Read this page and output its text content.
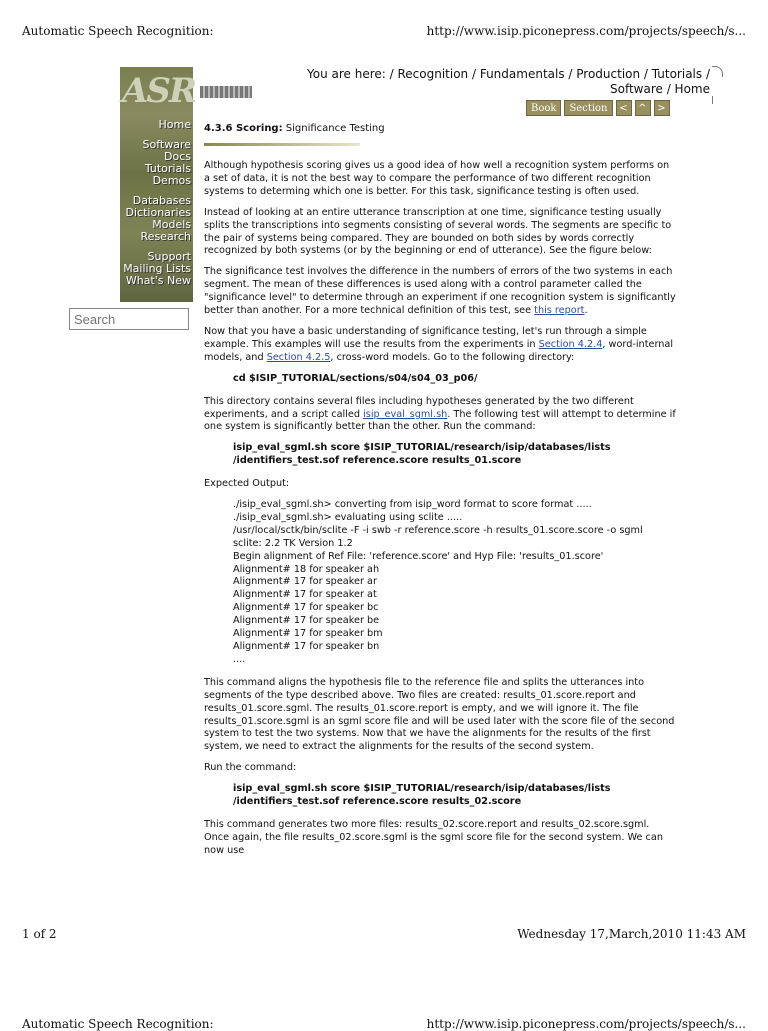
Automatic Speech Recognition:	http://www.isip.piconepress.com/projects/speech/s...
ASR
Home
Software
Docs
Tutorials
Demos
Databases
Dictionaries
Models
Research
Support
Mailing Lists
What's New
Search
You are here: / Recognition / Fundamentals / Production / Tutorials /
Software / Home
Book	Section	<	^	>
4.3.6 Scoring: Significance Testing

Although hypothesis scoring gives us a good idea of how well a recognition system performs on a set of data, it is not the best way to compare the performance of two different recognition systems to determing which one is better. For this task, significance testing is often used.

Instead of looking at an entire utterance transcription at one time, significance testing usually splits the transcriptions into segments consisting of several words. The segments are specific to the pair of systems being compared. They are bounded on both sides by words correctly recognized by both systems (or by the beginning or end of utterance). See the figure below:

The significance test involves the difference in the numbers of errors of the two systems in each segment. The mean of these differences is used along with a control parameter called the "significance level" to determine through an experiment if one recognition system is significantly better than another. For a more technical definition of this test, see this report.

Now that you have a basic understanding of significance testing, let's run through a simple example. This examples will use the results from the experiments in Section 4.2.4, word-internal models, and Section 4.2.5, cross-word models. Go to the following directory:

cd $ISIP_TUTORIAL/sections/s04/s04_03_p06/

This directory contains several files including hypotheses generated by the two different experiments, and a script called isip_eval_sgml.sh. The following test will attempt to determine if one system is significantly better than the other. Run the command:

isip_eval_sgml.sh score $ISIP_TUTORIAL/research/isip/databases/lists
/identifiers_test.sof reference.score results_01.score

Expected Output:

./isip_eval_sgml.sh> converting from isip_word format to score format .....
./isip_eval_sgml.sh> evaluating using sclite .....
/usr/local/sctk/bin/sclite -F -i swb -r reference.score -h results_01.score.score -o sgml
sclite: 2.2 TK Version 1.2
Begin alignment of Ref File: 'reference.score' and Hyp File: 'results_01.score'
Alignment# 18 for speaker ah
Alignment# 17 for speaker ar
Alignment# 17 for speaker at
Alignment# 17 for speaker bc
Alignment# 17 for speaker be
Alignment# 17 for speaker bm
Alignment# 17 for speaker bn
....

This command aligns the hypothesis file to the reference file and splits the utterances into segments of the type described above. Two files are created: results_01.score.report and results_01.score.sgml. The results_01.score.report is empty, and we will ignore it. The file results_01.score.sgml is an sgml score file and will be used later with the score file of the second system to test the two systems. Now that we have the alignments for the results of the first system, we need to extract the alignments for the results of the second system.

Run the command:

isip_eval_sgml.sh score $ISIP_TUTORIAL/research/isip/databases/lists
/identifiers_test.sof reference.score results_02.score

This command generates two more files: results_02.score.report and results_02.score.sgml. Once again, the file results_02.score.sgml is the sgml score file for the second system. We can now use

1 of 2	Wednesday 17,March,2010 11:43 AM
Automatic Speech Recognition:	http://www.isip.piconepress.com/projects/speech/s...
